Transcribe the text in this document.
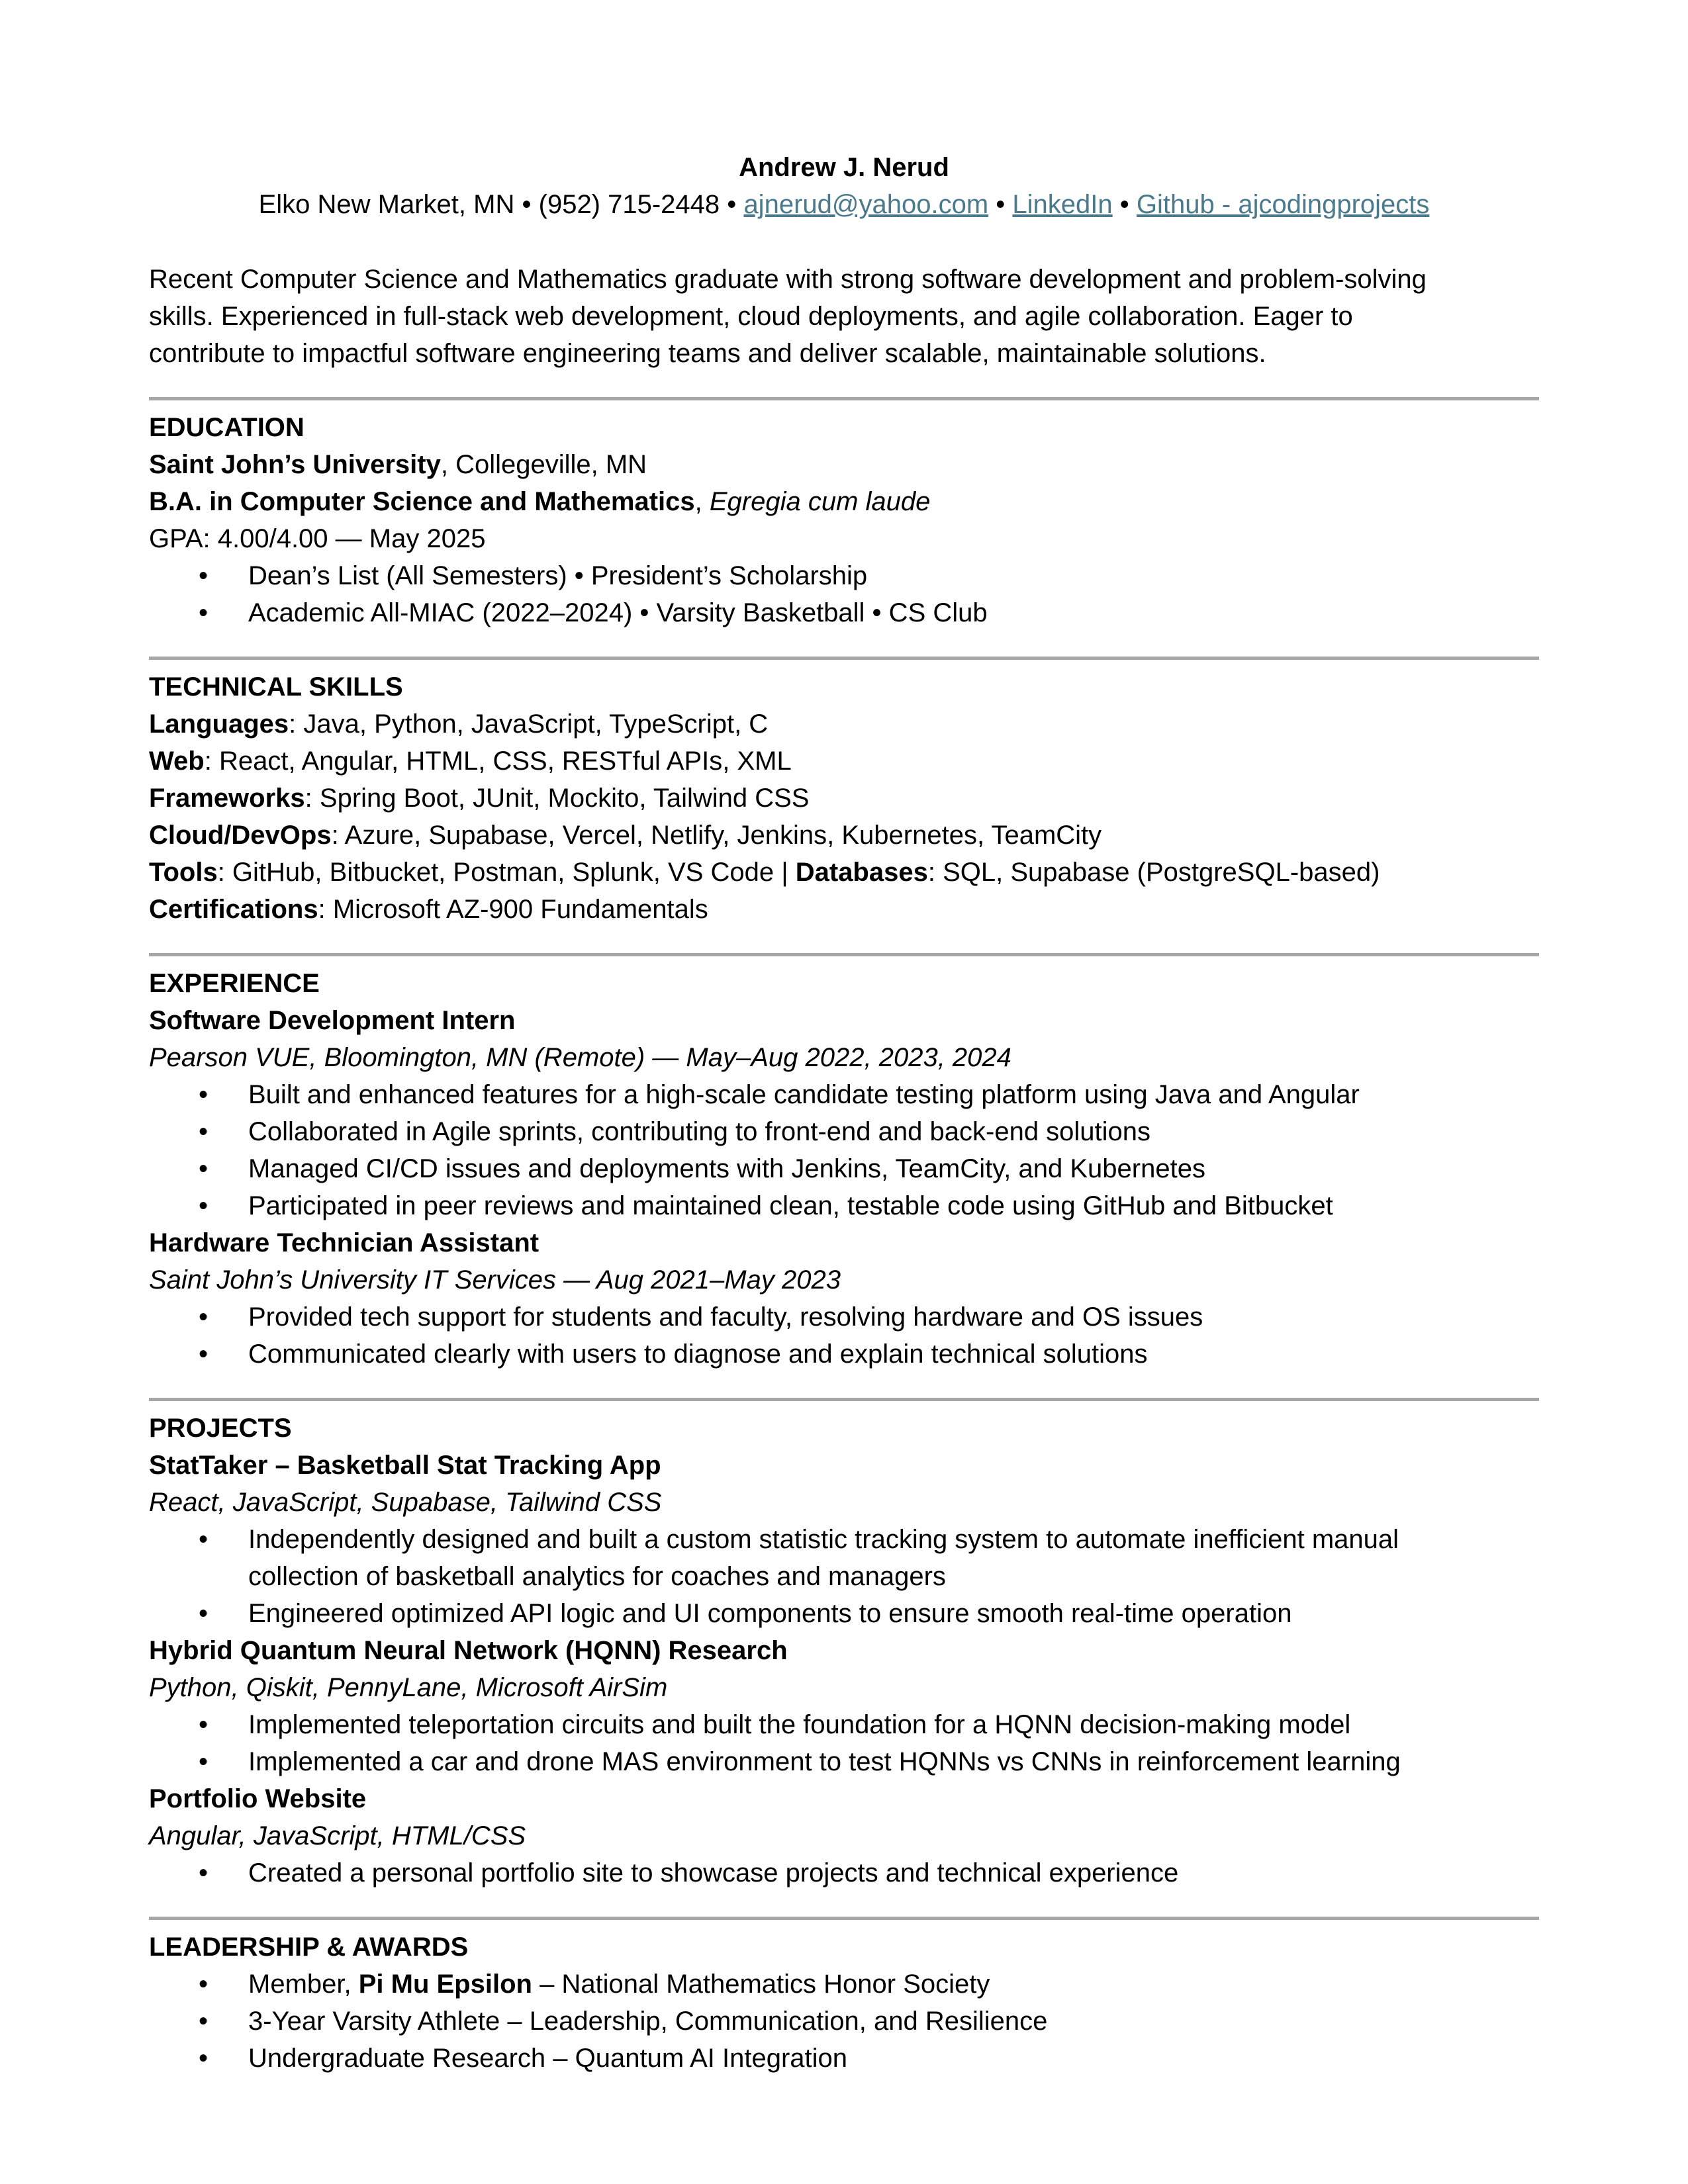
Andrew J. Nerud
Elko New Market, MN • (952) 715-2448 • ajnerud@yahoo.com • LinkedIn • Github - ajcodingprojects
Recent Computer Science and Mathematics graduate with strong software development and problem-solving
skills. Experienced in full-stack web development, cloud deployments, and agile collaboration. Eager to
contribute to impactful software engineering teams and deliver scalable, maintainable solutions.
EDUCATION
Saint John’s University, Collegeville, MN
B.A. in Computer Science and Mathematics, Egregia cum laude
GPA: 4.00/4.00 — May 2025
•
Dean’s List (All Semesters) • President’s Scholarship
•
Academic All-MIAC (2022–2024) • Varsity Basketball • CS Club
TECHNICAL SKILLS
Languages: Java, Python, JavaScript, TypeScript, C
Web: React, Angular, HTML, CSS, RESTful APIs, XML
Frameworks: Spring Boot, JUnit, Mockito, Tailwind CSS
Cloud/DevOps: Azure, Supabase, Vercel, Netlify, Jenkins, Kubernetes, TeamCity
Tools: GitHub, Bitbucket, Postman, Splunk, VS Code | Databases: SQL, Supabase (PostgreSQL-based)
Certifications: Microsoft AZ-900 Fundamentals
EXPERIENCE
Software Development Intern
Pearson VUE, Bloomington, MN (Remote) — May–Aug 2022, 2023, 2024
•
Built and enhanced features for a high-scale candidate testing platform using Java and Angular
•
Collaborated in Agile sprints, contributing to front-end and back-end solutions
•
Managed CI/CD issues and deployments with Jenkins, TeamCity, and Kubernetes
•
Participated in peer reviews and maintained clean, testable code using GitHub and Bitbucket
Hardware Technician Assistant
Saint John’s University IT Services — Aug 2021–May 2023
•
Provided tech support for students and faculty, resolving hardware and OS issues
•
Communicated clearly with users to diagnose and explain technical solutions
PROJECTS
StatTaker – Basketball Stat Tracking App
React, JavaScript, Supabase, Tailwind CSS
•
Independently designed and built a custom statistic tracking system to automate inefficient manual
collection of basketball analytics for coaches and managers
•
Engineered optimized API logic and UI components to ensure smooth real-time operation
Hybrid Quantum Neural Network (HQNN) Research
Python, Qiskit, PennyLane, Microsoft AirSim
•
Implemented teleportation circuits and built the foundation for a HQNN decision-making model
•
Implemented a car and drone MAS environment to test HQNNs vs CNNs in reinforcement learning
Portfolio Website
Angular, JavaScript, HTML/CSS
•
Created a personal portfolio site to showcase projects and technical experience
LEADERSHIP & AWARDS
•
Member, Pi Mu Epsilon – National Mathematics Honor Society
•
3-Year Varsity Athlete – Leadership, Communication, and Resilience
•
Undergraduate Research – Quantum AI Integration
